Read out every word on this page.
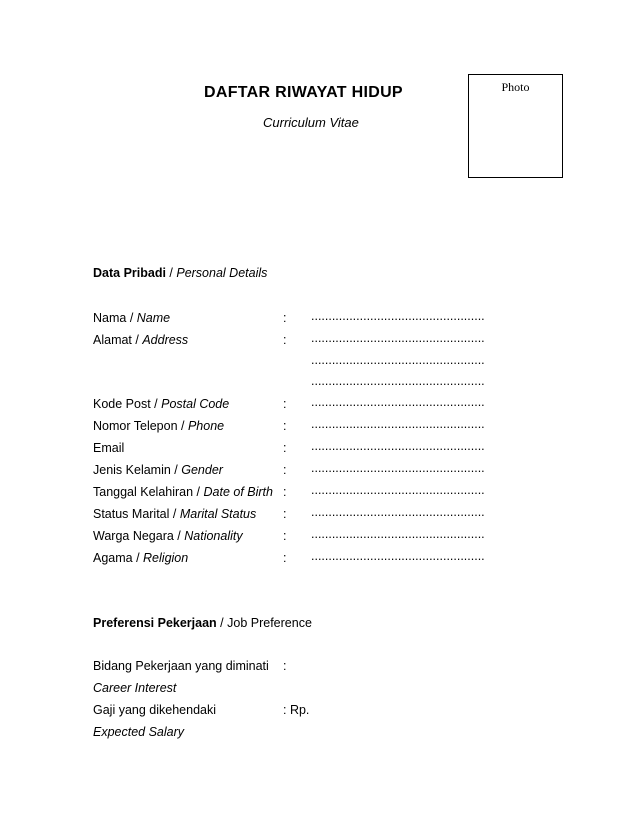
Photo
DAFTAR RIWAYAT HIDUP
Curriculum Vitae
Data Pribadi / Personal Details
Nama / Name	: ..................................................
Alamat / Address	: ..................................................
..................................................
..................................................
Kode Post / Postal Code	: ..................................................
Nomor Telepon / Phone	: ..................................................
Email	: ..................................................
Jenis Kelamin / Gender	: ..................................................
Tanggal Kelahiran / Date of Birth : ..................................................
Status Marital / Marital Status : ..................................................
Warga Negara / Nationality	: ..................................................
Agama / Religion	: ..................................................
Preferensi Pekerjaan / Job Preference
Bidang Pekerjaan yang diminati :
Career Interest
Gaji yang dikehendaki	: Rp.
Expected Salary
